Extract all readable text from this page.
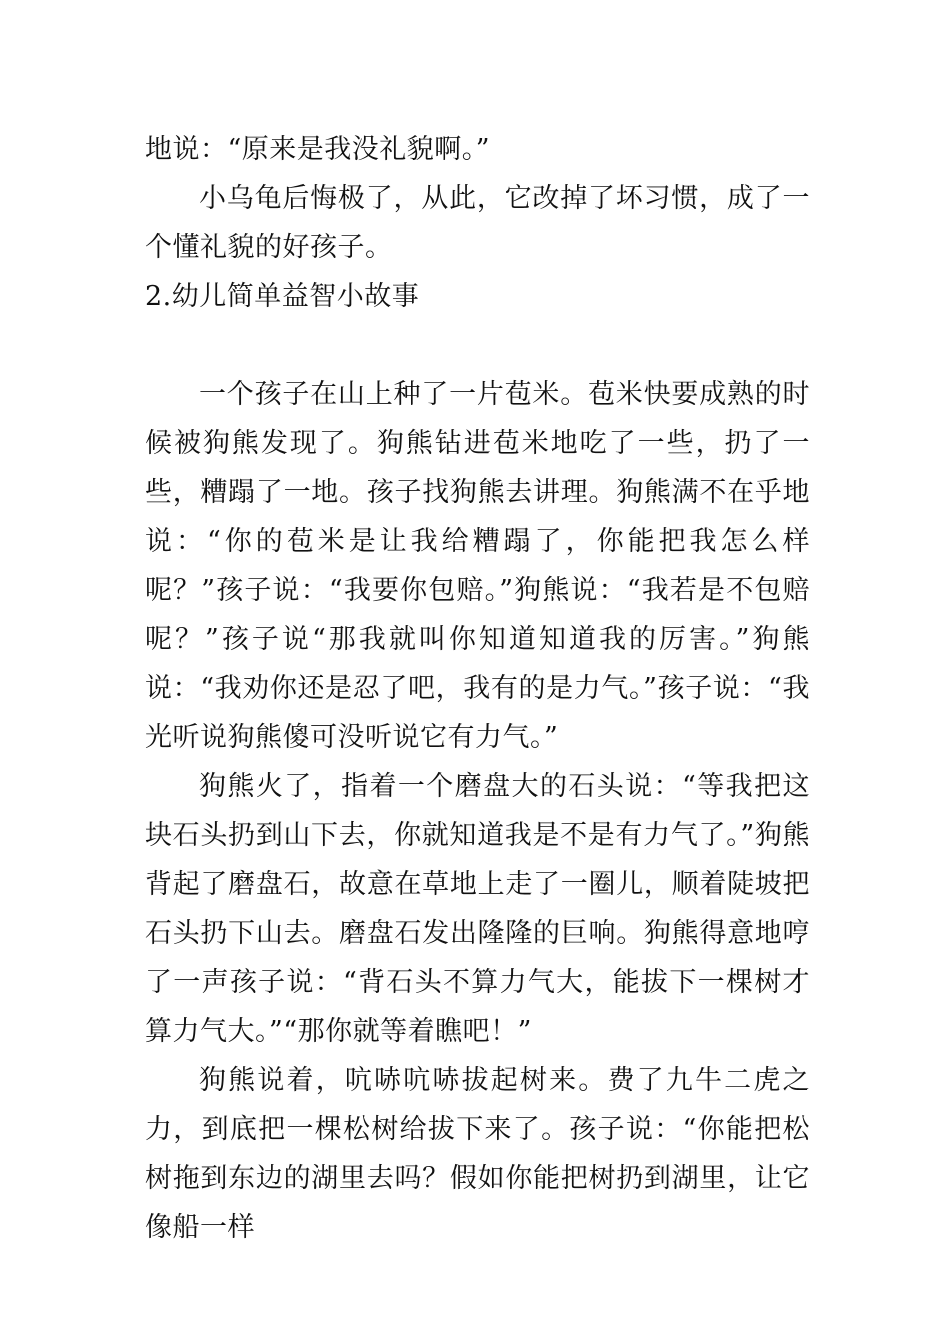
地说：“原来是我没礼貌啊。”

小乌龟后悔极了，从此，它改掉了坏习惯，成了一个懂礼貌的好孩子。

2.幼儿简单益智小故事

一个孩子在山上种了一片苞米。苞米快要成熟的时候被狗熊发现了。狗熊钻进苞米地吃了一些，扔了一些，糟蹋了一地。孩子找狗熊去讲理。狗熊满不在乎地说：“你的苞米是让我给糟蹋了，你能把我怎么样呢？”孩子说：“我要你包赔。”狗熊说：“我若是不包赔呢？”孩子说“那我就叫你知道知道我的厉害。”狗熊说：“我劝你还是忍了吧，我有的是力气。”孩子说：“我光听说狗熊傻可没听说它有力气。”

狗熊火了，指着一个磨盘大的石头说：“等我把这块石头扔到山下去，你就知道我是不是有力气了。”狗熊背起了磨盘石，故意在草地上走了一圈儿，顺着陡坡把石头扔下山去。磨盘石发出隆隆的巨响。狗熊得意地哼了一声孩子说：“背石头不算力气大，能拔下一棵树才算力气大。”“那你就等着瞧吧！”

狗熊说着，吭哧吭哧拔起树来。费了九牛二虎之力，到底把一棵松树给拔下来了。孩子说：“你能把松树拖到东边的湖里去吗？假如你能把树扔到湖里，让它像船一样
